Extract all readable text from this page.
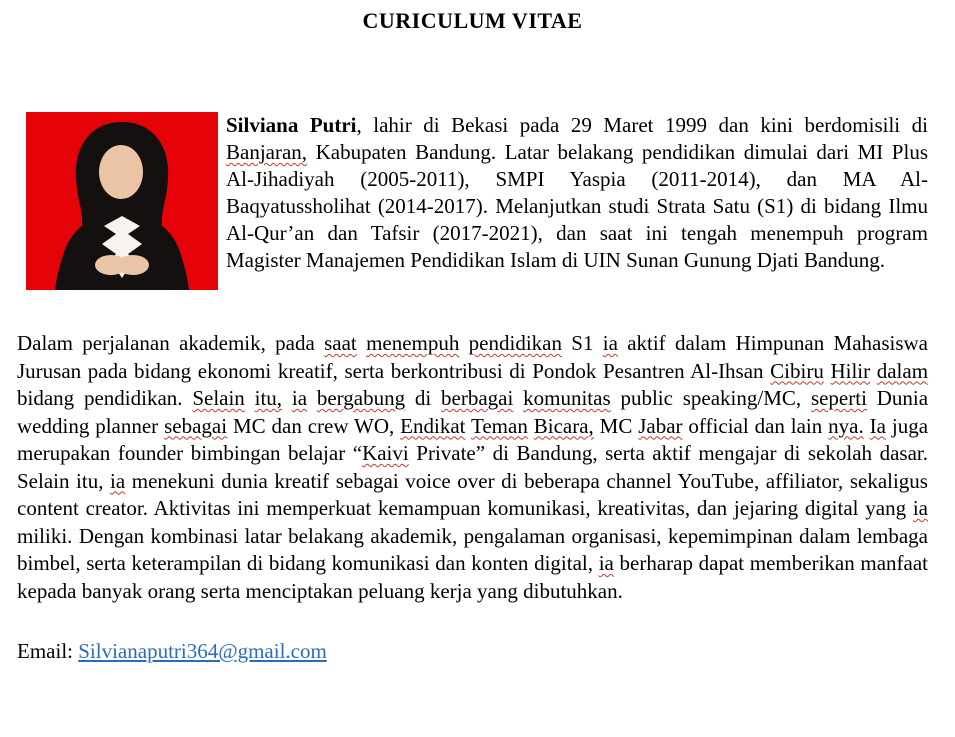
CURICULUM VITAE

Silviana Putri, lahir di Bekasi pada 29 Maret 1999 dan kini berdomisili di Banjaran, Kabupaten Bandung. Latar belakang pendidikan dimulai dari MI Plus Al-Jihadiyah (2005-2011), SMPI Yaspia (2011-2014), dan MA Al-Baqyatussholihat (2014-2017). Melanjutkan studi Strata Satu (S1) di bidang Ilmu Al-Qur’an dan Tafsir (2017-2021), dan saat ini tengah menempuh program Magister Manajemen Pendidikan Islam di UIN Sunan Gunung Djati Bandung.

Dalam perjalanan akademik, pada saat menempuh pendidikan S1 ia aktif dalam Himpunan Mahasiswa Jurusan pada bidang ekonomi kreatif, serta berkontribusi di Pondok Pesantren Al-Ihsan Cibiru Hilir dalam bidang pendidikan. Selain itu, ia bergabung di berbagai komunitas public speaking/MC, seperti Dunia wedding planner sebagai MC dan crew WO, Endikat Teman Bicara, MC Jabar official dan lain nya. Ia juga merupakan founder bimbingan belajar “Kaivi Private” di Bandung, serta aktif mengajar di sekolah dasar. Selain itu, ia menekuni dunia kreatif sebagai voice over di beberapa channel YouTube, affiliator, sekaligus content creator. Aktivitas ini memperkuat kemampuan komunikasi, kreativitas, dan jejaring digital yang ia miliki. Dengan kombinasi latar belakang akademik, pengalaman organisasi, kepemimpinan dalam lembaga bimbel, serta keterampilan di bidang komunikasi dan konten digital, ia berharap dapat memberikan manfaat kepada banyak orang serta menciptakan peluang kerja yang dibutuhkan.

Email: Silvianaputri364@gmail.com
